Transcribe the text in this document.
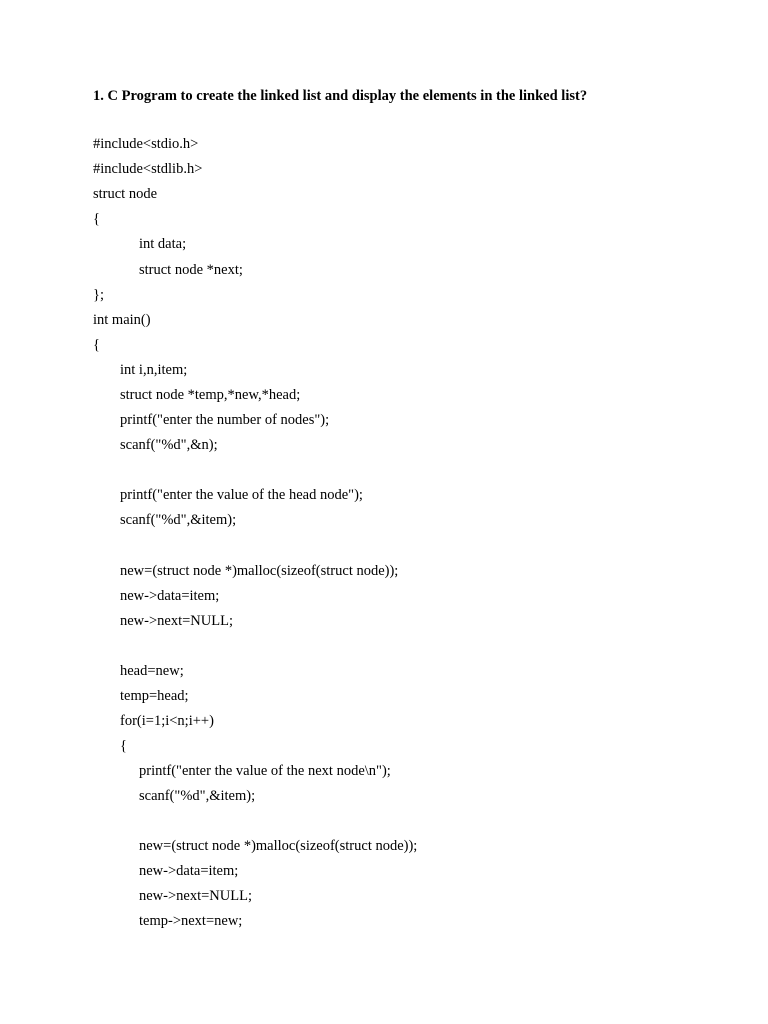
1. C Program to create the linked list and display the elements in the linked list?

#include<stdio.h>

#include<stdlib.h>

struct node

{

int data;

struct node *next;

};

int main()

{

int i,n,item;

struct node *temp,*new,*head;

printf("enter the number of nodes");

scanf("%d",&n);

printf("enter the value of the head node");

scanf("%d",&item);

new=(struct node *)malloc(sizeof(struct node));

new->data=item;

new->next=NULL;

head=new;

temp=head;

for(i=1;i<n;i++)

{

printf("enter the value of the next node\n");

scanf("%d",&item);

new=(struct node *)malloc(sizeof(struct node));

new->data=item;

new->next=NULL;

temp->next=new;
